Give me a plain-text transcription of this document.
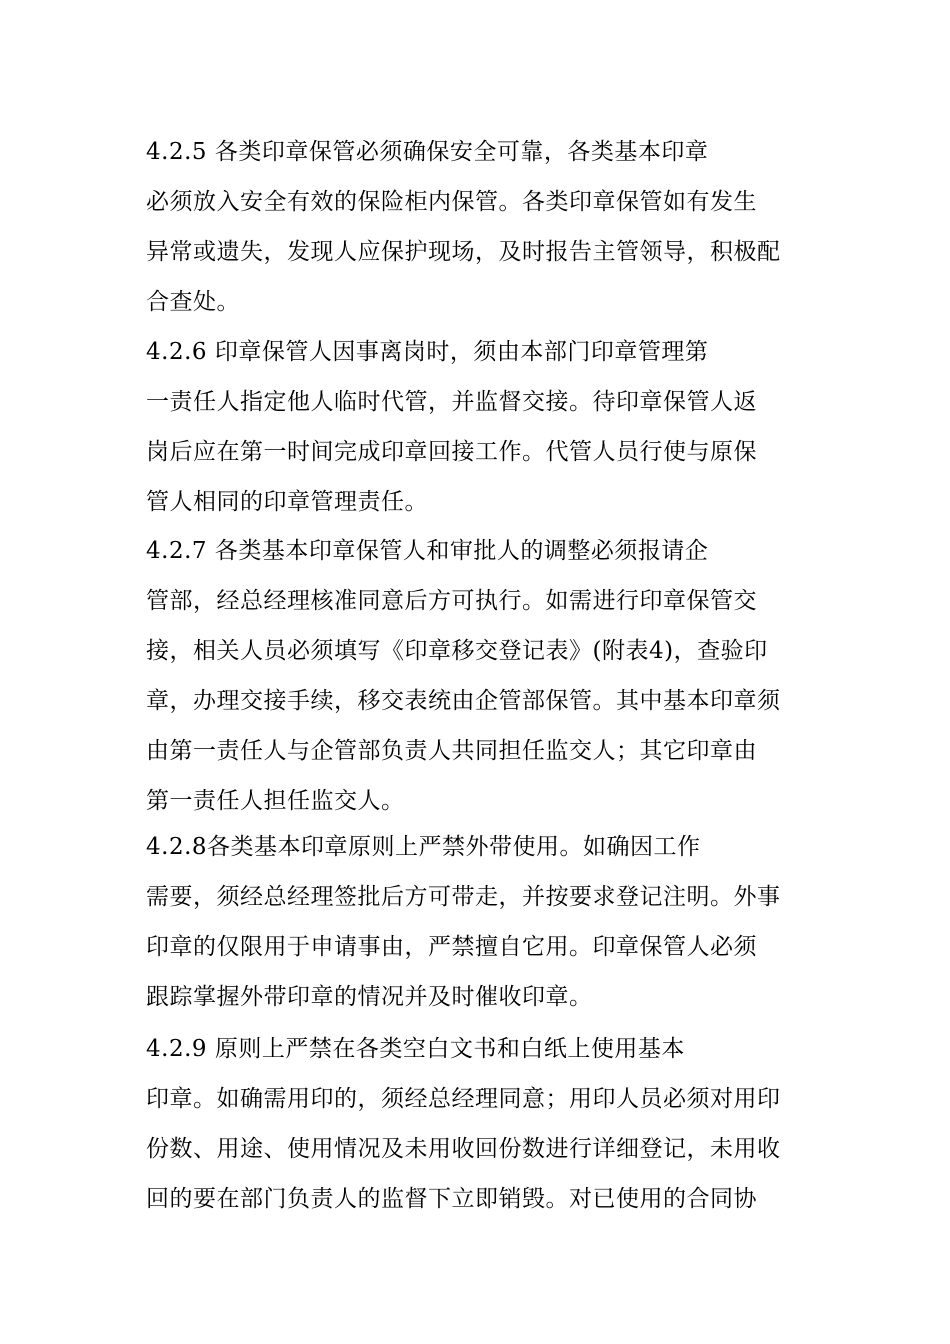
4.2.5 各类印章保管必须确保安全可靠，各类基本印章
必须放入安全有效的保险柜内保管。各类印章保管如有发生
异常或遗失，发现人应保护现场，及时报告主管领导，积极配
合查处。
4.2.6 印章保管人因事离岗时，须由本部门印章管理第
一责任人指定他人临时代管，并监督交接。待印章保管人返
岗后应在第一时间完成印章回接工作。代管人员行使与原保
管人相同的印章管理责任。
4.2.7 各类基本印章保管人和审批人的调整必须报请企
管部，经总经理核准同意后方可执行。如需进行印章保管交
接，相关人员必须填写《印章移交登记表》(附表4)，查验印
章，办理交接手续，移交表统由企管部保管。其中基本印章须
由第一责任人与企管部负责人共同担任监交人；其它印章由
第一责任人担任监交人。
4.2.8各类基本印章原则上严禁外带使用。如确因工作
需要，须经总经理签批后方可带走，并按要求登记注明。外事
印章的仅限用于申请事由，严禁擅自它用。印章保管人必须
跟踪掌握外带印章的情况并及时催收印章。
4.2.9 原则上严禁在各类空白文书和白纸上使用基本
印章。如确需用印的，须经总经理同意；用印人员必须对用印
份数、用途、使用情况及未用收回份数进行详细登记，未用收
回的要在部门负责人的监督下立即销毁。对已使用的合同协
